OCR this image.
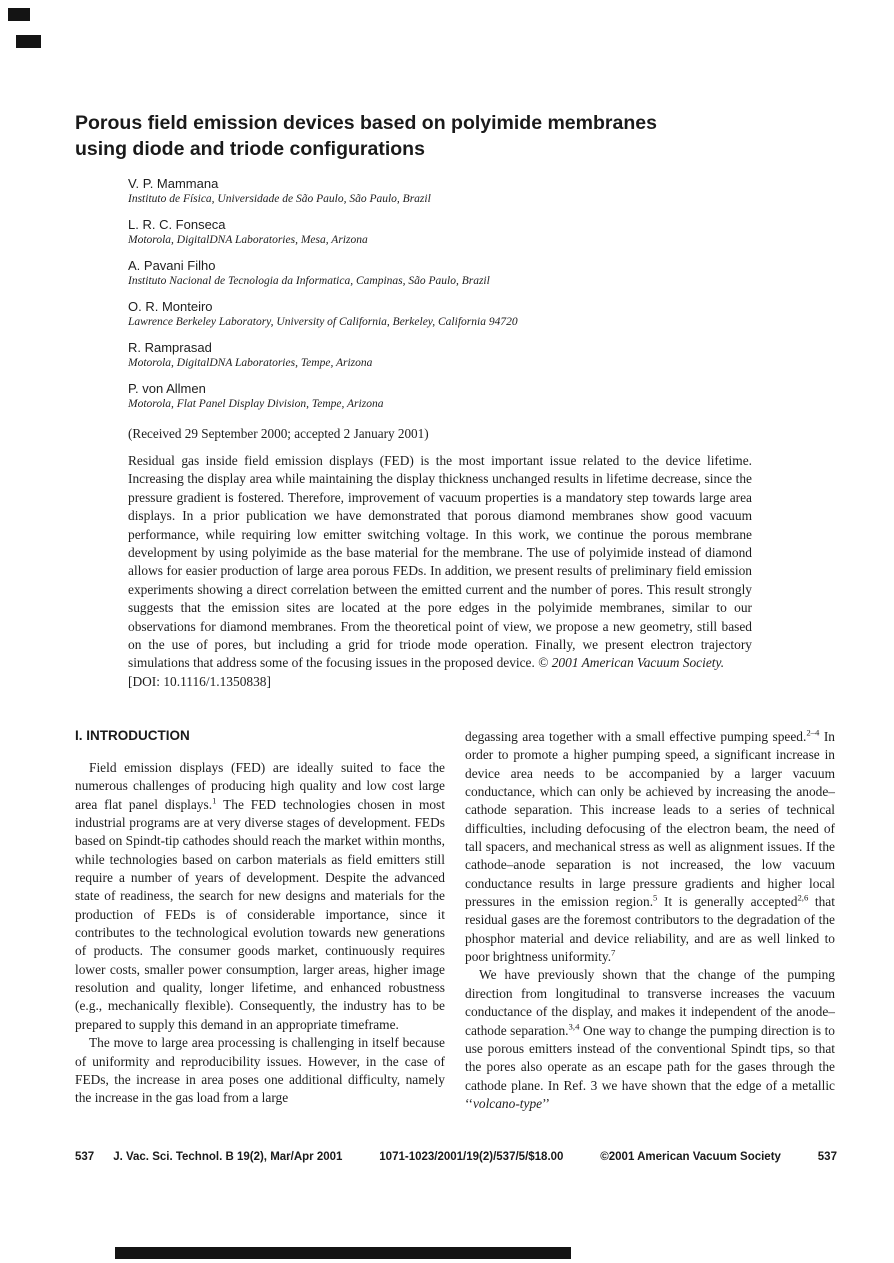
Porous field emission devices based on polyimide membranes
using diode and triode configurations
V. P. Mammana
Instituto de Física, Universidade de São Paulo, São Paulo, Brazil
L. R. C. Fonseca
Motorola, DigitalDNA Laboratories, Mesa, Arizona
A. Pavani Filho
Instituto Nacional de Tecnologia da Informatica, Campinas, São Paulo, Brazil
O. R. Monteiro
Lawrence Berkeley Laboratory, University of California, Berkeley, California 94720
R. Ramprasad
Motorola, DigitalDNA Laboratories, Tempe, Arizona
P. von Allmen
Motorola, Flat Panel Display Division, Tempe, Arizona
(Received 29 September 2000; accepted 2 January 2001)
Residual gas inside field emission displays (FED) is the most important issue related to the device lifetime. Increasing the display area while maintaining the display thickness unchanged results in lifetime decrease, since the pressure gradient is fostered. Therefore, improvement of vacuum properties is a mandatory step towards large area displays. In a prior publication we have demonstrated that porous diamond membranes show good vacuum performance, while requiring low emitter switching voltage. In this work, we continue the porous membrane development by using polyimide as the base material for the membrane. The use of polyimide instead of diamond allows for easier production of large area porous FEDs. In addition, we present results of preliminary field emission experiments showing a direct correlation between the emitted current and the number of pores. This result strongly suggests that the emission sites are located at the pore edges in the polyimide membranes, similar to our observations for diamond membranes. From the theoretical point of view, we propose a new geometry, still based on the use of pores, but including a grid for triode mode operation. Finally, we present electron trajectory simulations that address some of the focusing issues in the proposed device. © 2001 American Vacuum Society.
[DOI: 10.1116/1.1350838]
I. INTRODUCTION

Field emission displays (FED) are ideally suited to face the numerous challenges of producing high quality and low cost large area flat panel displays.$^1$ The FED technologies chosen in most industrial programs are at very diverse stages of development. FEDs based on Spindt-tip cathodes should reach the market within months, while technologies based on carbon materials as field emitters still require a number of years of development. Despite the advanced state of readiness, the search for new designs and materials for the production of FEDs is of considerable importance, since it contributes to the technological evolution towards new generations of products. The consumer goods market, continuously requires lower costs, smaller power consumption, larger areas, higher image resolution and quality, longer lifetime, and enhanced robustness (e.g., mechanically flexible). Consequently, the industry has to be prepared to supply this demand in an appropriate timeframe.

The move to large area processing is challenging in itself because of uniformity and reproducibility issues. However, in the case of FEDs, the increase in area poses one additional difficulty, namely the increase in the gas load from a large

degassing area together with a small effective pumping speed.$^{2-4}$ In order to promote a higher pumping speed, a significant increase in device area needs to be accompanied by a larger vacuum conductance, which can only be achieved by increasing the anode–cathode separation. This increase leads to a series of technical difficulties, including defocusing of the electron beam, the need of tall spacers, and mechanical stress as well as alignment issues. If the cathode–anode separation is not increased, the low vacuum conductance results in large pressure gradients and higher local pressures in the emission region.$^5$ It is generally accepted$^{2,6}$ that residual gases are the foremost contributors to the degradation of the phosphor material and device reliability, and are as well linked to poor brightness uniformity.$^7$

We have previously shown that the change of the pumping direction from longitudinal to transverse increases the vacuum conductance of the display, and makes it independent of the anode–cathode separation.$^{3,4}$ One way to change the pumping direction is to use porous emitters instead of the conventional Spindt tips, so that the pores also operate as an escape path for the gases through the cathode plane. In Ref. 3 we have shown that the edge of a metallic ‘‘volcano-type’’

537 J. Vac. Sci. Technol. B 19(2), Mar/Apr 2001	1071-1023/2001/19(2)/537/5/$18.00	©2001 American Vacuum Society	537
